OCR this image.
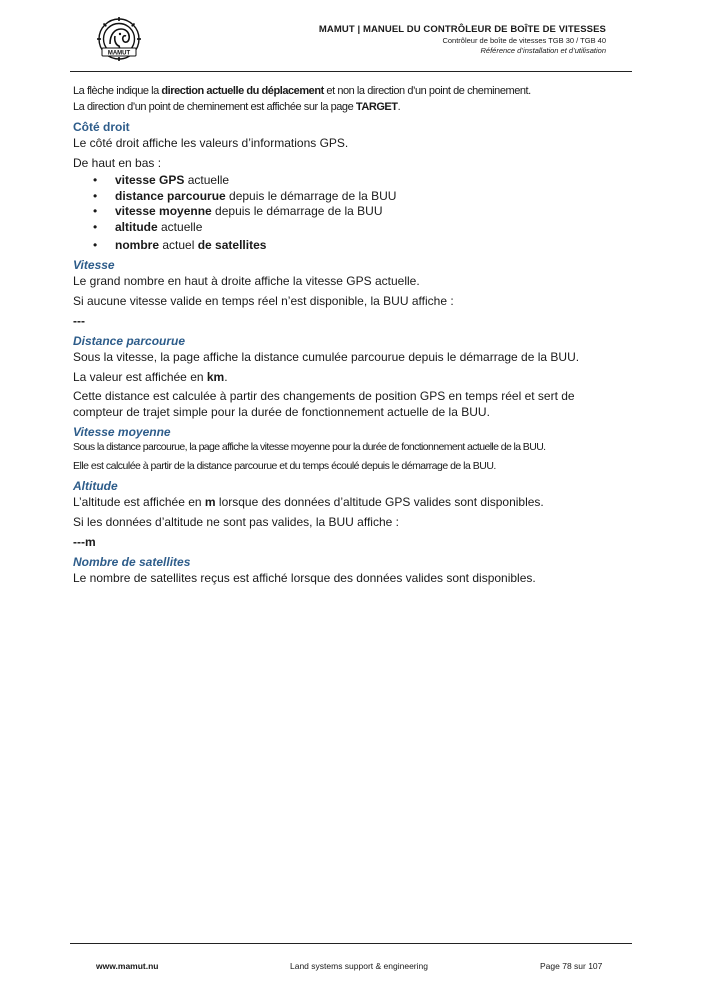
MAMUT
MAMUT | MANUEL DU CONTRÔLEUR DE BOÎTE DE VITESSES
Contrôleur de boîte de vitesses TGB 30 / TGB 40
Référence d’installation et d’utilisation

La flèche indique la direction actuelle du déplacement et non la direction d’un point de cheminement.

La direction d’un point de cheminement est affichée sur la page TARGET.

Côté droit

Le côté droit affiche les valeurs d’informations GPS.

De haut en bas :

• vitesse GPS actuelle
• distance parcourue depuis le démarrage de la BUU
• vitesse moyenne depuis le démarrage de la BUU
• altitude actuelle
• nombre actuel de satellites

Vitesse

Le grand nombre en haut à droite affiche la vitesse GPS actuelle.

Si aucune vitesse valide en temps réel n’est disponible, la BUU affiche :

---

Distance parcourue

Sous la vitesse, la page affiche la distance cumulée parcourue depuis le démarrage de la BUU.

La valeur est affichée en km.

Cette distance est calculée à partir des changements de position GPS en temps réel et sert de compteur de trajet simple pour la durée de fonctionnement actuelle de la BUU.

Vitesse moyenne

Sous la distance parcourue, la page affiche la vitesse moyenne pour la durée de fonctionnement actuelle de la BUU.

Elle est calculée à partir de la distance parcourue et du temps écoulé depuis le démarrage de la BUU.

Altitude

L’altitude est affichée en m lorsque des données d’altitude GPS valides sont disponibles.

Si les données d’altitude ne sont pas valides, la BUU affiche :

---m

Nombre de satellites

Le nombre de satellites reçus est affiché lorsque des données valides sont disponibles.

www.mamut.nu	Land systems support & engineering	Page 78 sur 107
